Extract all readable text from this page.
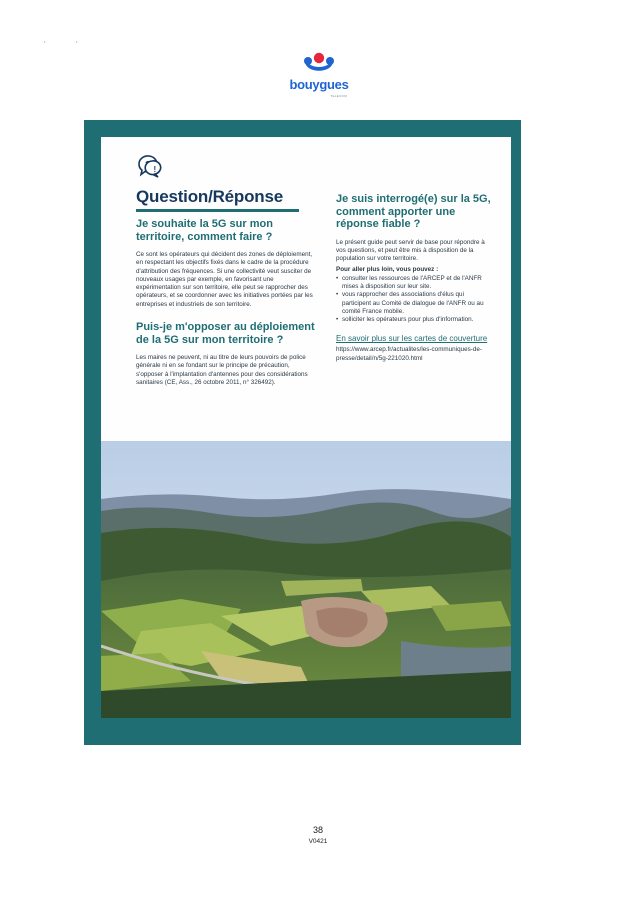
'	'
bouygues
TELECOM
!
Question/Réponse
Je souhaite la 5G sur mon territoire, comment faire ?

Ce sont les opérateurs qui décident des zones de déploiement, en respectant les objectifs fixés dans le cadre de la procédure d'attribution des fréquences. Si une collectivité veut susciter de nouveaux usages par exemple, en favorisant une expérimentation sur son territoire, elle peut se rapprocher des opérateurs, et se coordonner avec les initiatives portées par les entreprises et industriels de son territoire.

Puis-je m'opposer au déploiement de la 5G sur mon territoire ?

Les maires ne peuvent, ni au titre de leurs pouvoirs de police générale ni en se fondant sur le principe de précaution, s'opposer à l'implantation d'antennes pour des considérations sanitaires (CE, Ass., 26 octobre 2011, n° 326492).

Je suis interrogé(e) sur la 5G, comment apporter une réponse fiable ?

Le présent guide peut servir de base pour répondre à vos questions, et peut être mis à disposition de la population sur votre territoire.

Pour aller plus loin, vous pouvez :

• consulter les ressources de l'ARCEP et de l'ANFR mises à disposition sur leur site.
• vous rapprocher des associations d'élus qui participent au Comité de dialogue de l'ANFR ou au comité France mobile.
• solliciter les opérateurs pour plus d'information.
En savoir plus sur les cartes de couverture

https://www.arcep.fr/actualites/les-communiques-de-presse/detail/n/5g-221020.html

38
V0421
